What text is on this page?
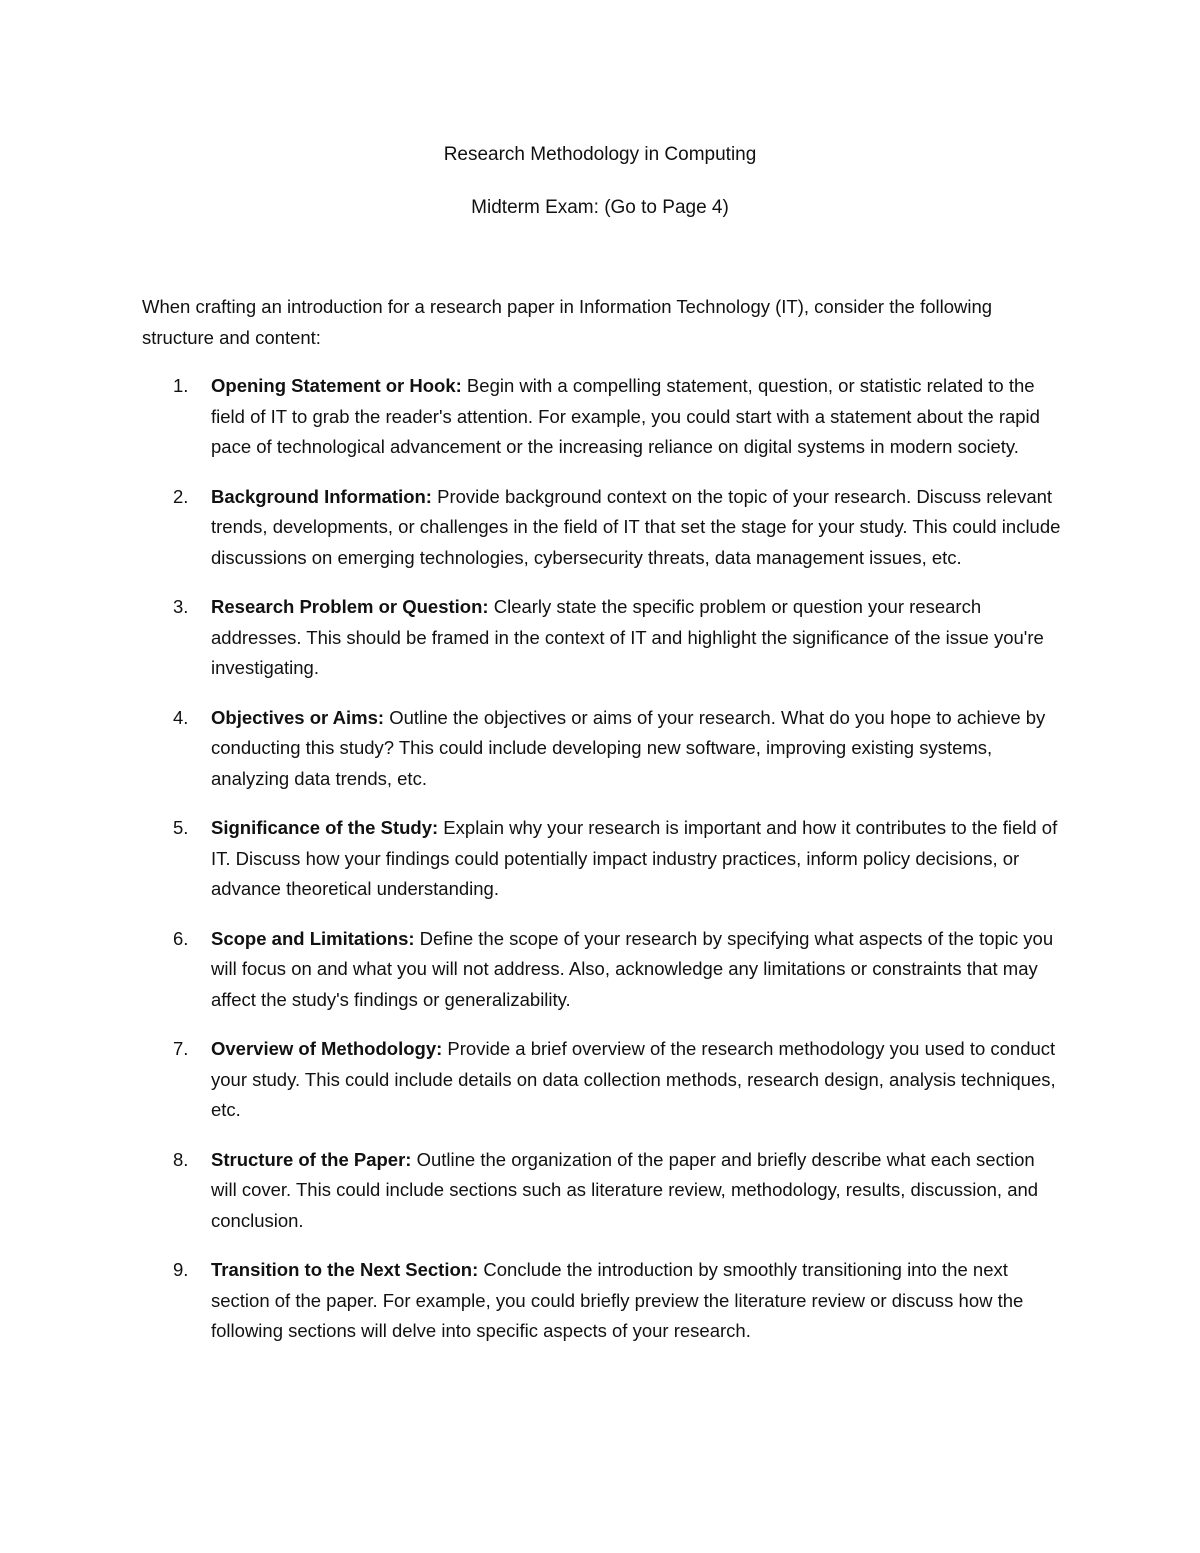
Research Methodology in Computing
Midterm Exam: (Go to Page 4)

When crafting an introduction for a research paper in Information Technology (IT), consider the following structure and content:

1.	Opening Statement or Hook: Begin with a compelling statement, question, or statistic related to the field of IT to grab the reader's attention. For example, you could start with a statement about the rapid pace of technological advancement or the increasing reliance on digital systems in modern society.
2.	Background Information: Provide background context on the topic of your research. Discuss relevant trends, developments, or challenges in the field of IT that set the stage for your study. This could include discussions on emerging technologies, cybersecurity threats, data management issues, etc.
3.	Research Problem or Question: Clearly state the specific problem or question your research addresses. This should be framed in the context of IT and highlight the significance of the issue you're investigating.
4.	Objectives or Aims: Outline the objectives or aims of your research. What do you hope to achieve by conducting this study? This could include developing new software, improving existing systems, analyzing data trends, etc.
5.	Significance of the Study: Explain why your research is important and how it contributes to the field of IT. Discuss how your findings could potentially impact industry practices, inform policy decisions, or advance theoretical understanding.
6.	Scope and Limitations: Define the scope of your research by specifying what aspects of the topic you will focus on and what you will not address. Also, acknowledge any limitations or constraints that may affect the study's findings or generalizability.
7.	Overview of Methodology: Provide a brief overview of the research methodology you used to conduct your study. This could include details on data collection methods, research design, analysis techniques, etc.
8.	Structure of the Paper: Outline the organization of the paper and briefly describe what each section will cover. This could include sections such as literature review, methodology, results, discussion, and conclusion.
9.	Transition to the Next Section: Conclude the introduction by smoothly transitioning into the next section of the paper. For example, you could briefly preview the literature review or discuss how the following sections will delve into specific aspects of your research.
